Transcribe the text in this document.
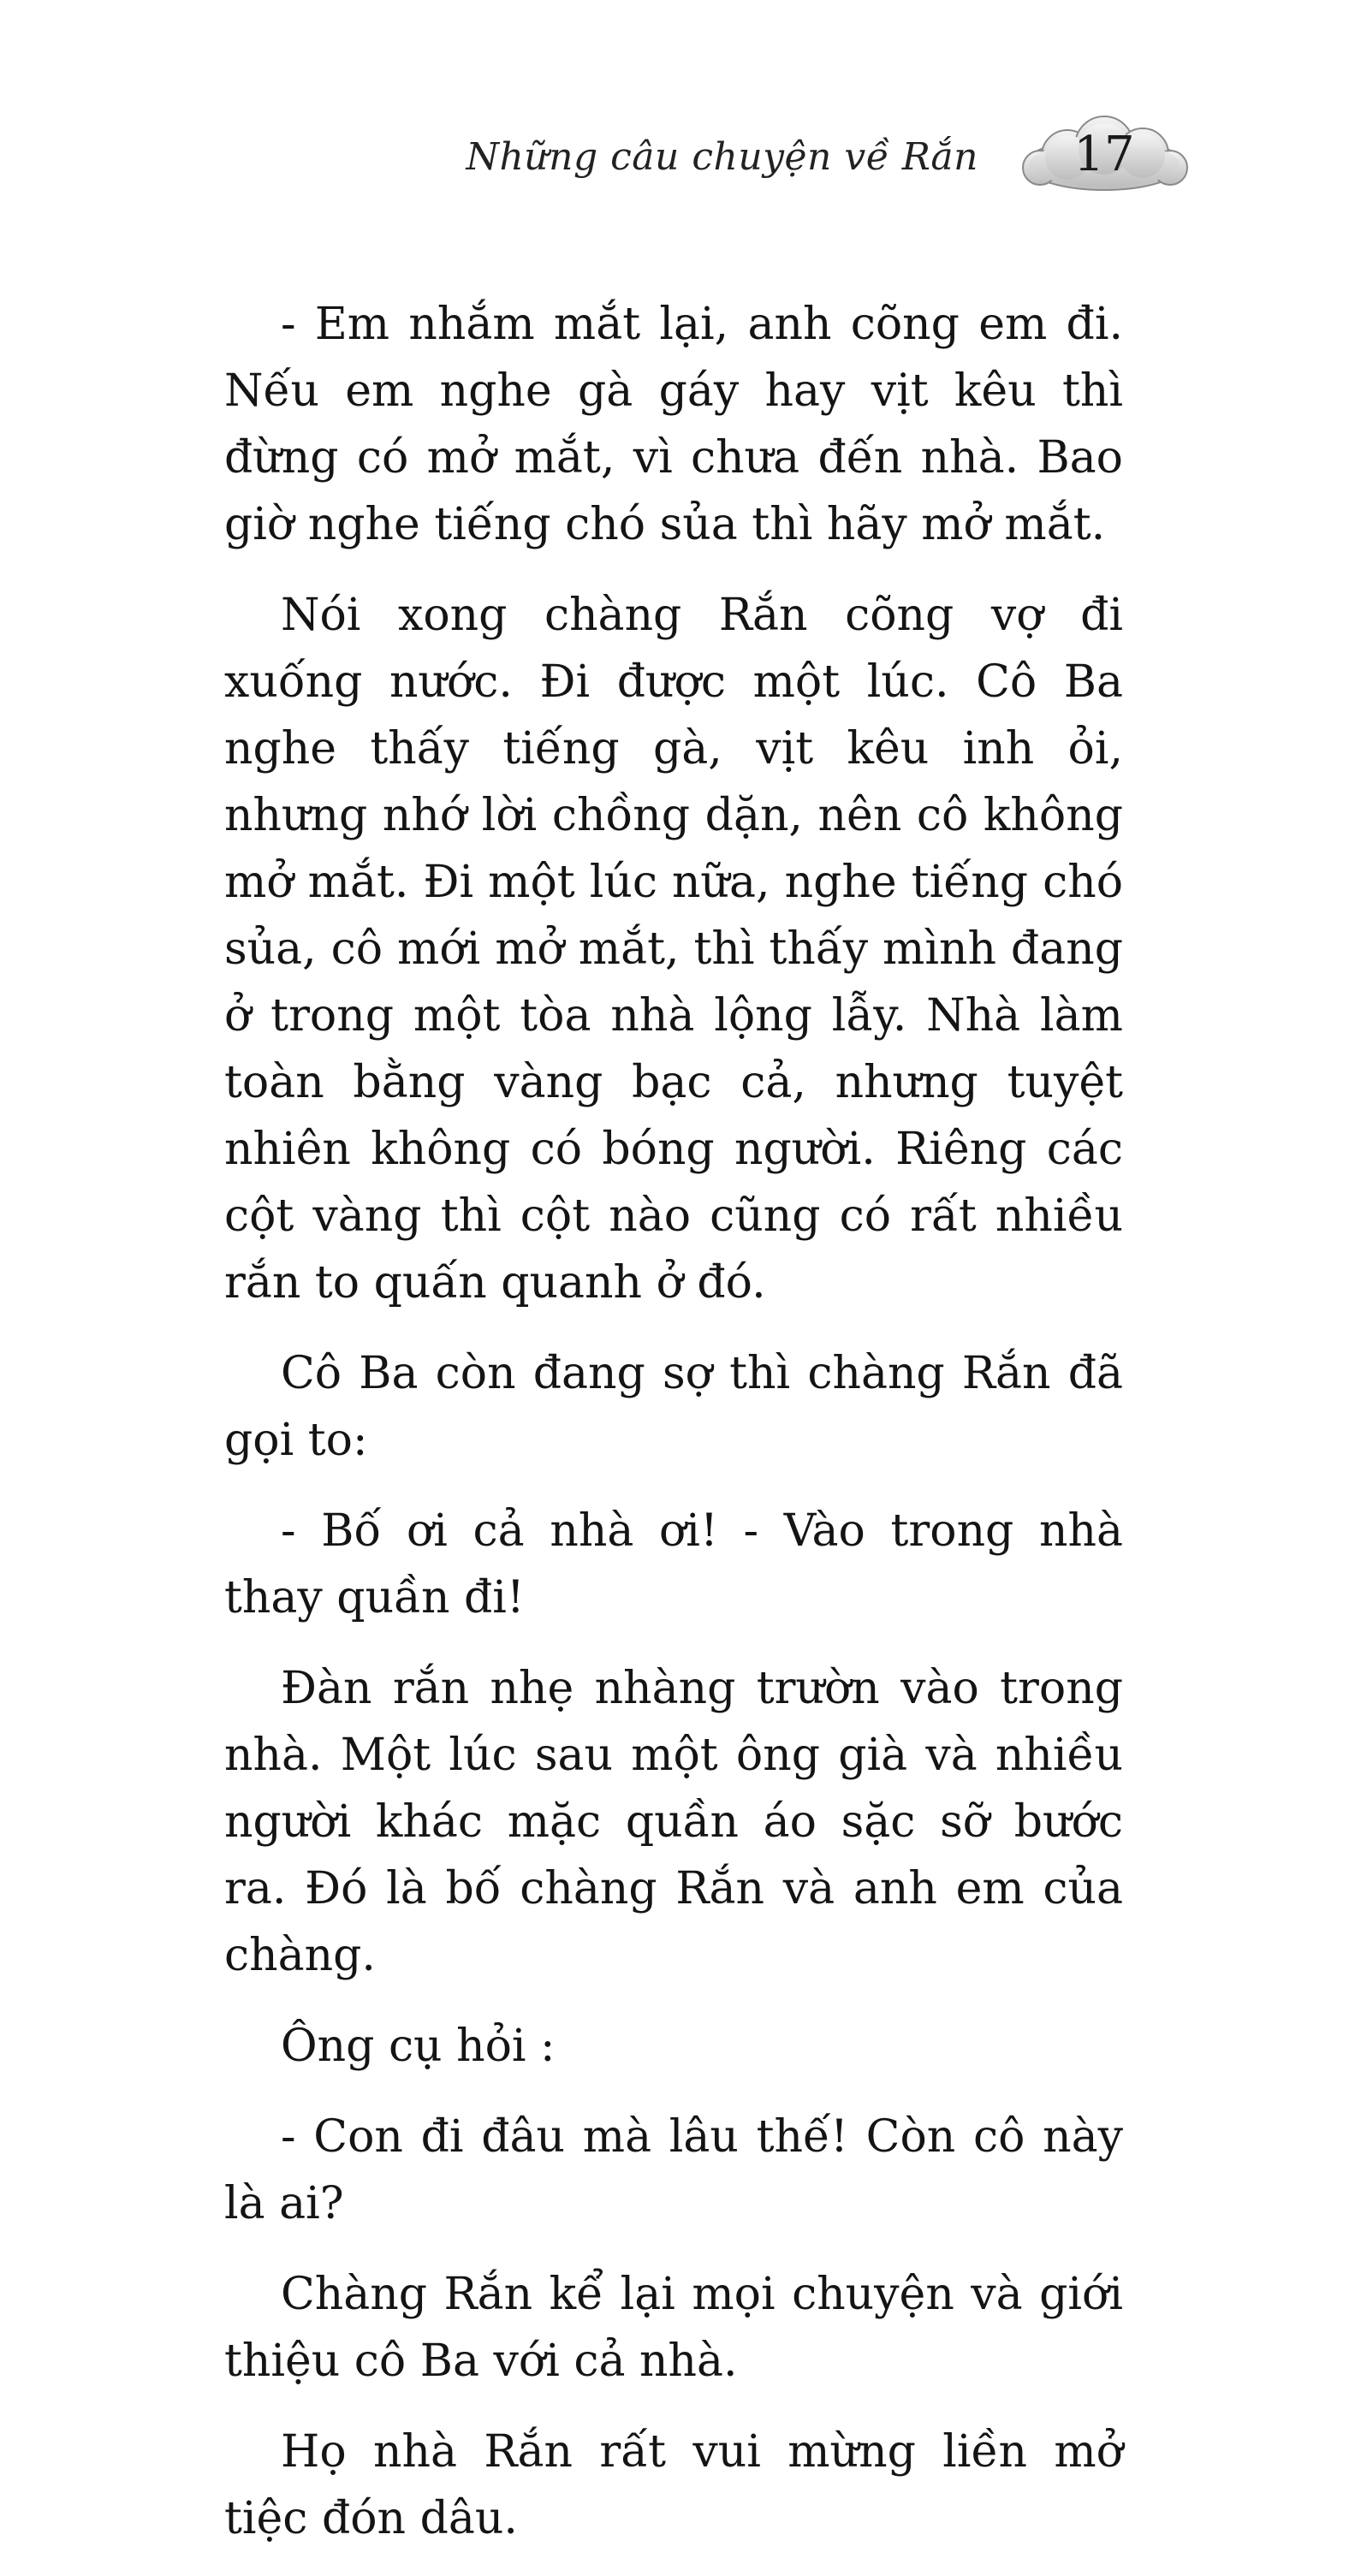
Những câu chuyện về Rắn	17

- Em nhắm mắt lại, anh cõng em đi. Nếu em nghe gà gáy hay vịt kêu thì đừng có mở mắt, vì chưa đến nhà. Bao giờ nghe tiếng chó sủa thì hãy mở mắt.

Nói xong chàng Rắn cõng vợ đi xuống nước. Đi được một lúc. Cô Ba nghe thấy tiếng gà, vịt kêu inh ỏi, nhưng nhớ lời chồng dặn, nên cô không mở mắt. Đi một lúc nữa, nghe tiếng chó sủa, cô mới mở mắt, thì thấy mình đang ở trong một tòa nhà lộng lẫy. Nhà làm toàn bằng vàng bạc cả, nhưng tuyệt nhiên không có bóng người. Riêng các cột vàng thì cột nào cũng có rất nhiều rắn to quấn quanh ở đó.

Cô Ba còn đang sợ thì chàng Rắn đã gọi to:

- Bố ơi cả nhà ơi! - Vào trong nhà thay quần đi!

Đàn rắn nhẹ nhàng trườn vào trong nhà. Một lúc sau một ông già và nhiều người khác mặc quần áo sặc sỡ bước ra. Đó là bố chàng Rắn và anh em của chàng.

Ông cụ hỏi :

- Con đi đâu mà lâu thế! Còn cô này là ai?

Chàng Rắn kể lại mọi chuyện và giới thiệu cô Ba với cả nhà.

Họ nhà Rắn rất vui mừng liền mở tiệc đón dâu.
